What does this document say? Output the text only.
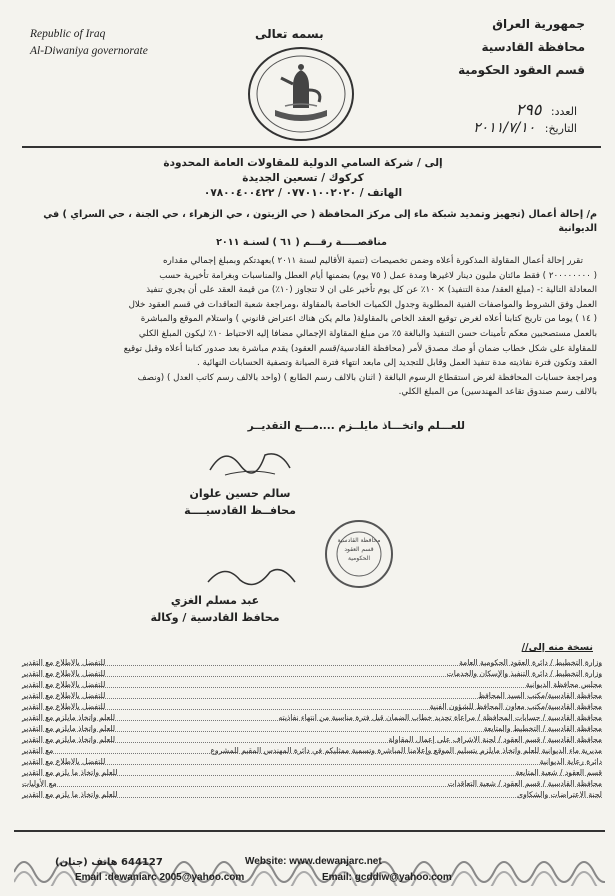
Republic of Iraq
Al-Diwaniya governorate
بسمه تعالى
جمهورية العراق
محافظة القادسية
قسم العقود الحكومية
العدد: ٢٩٥
التاريخ: ٢٠١١/٧/١٠
إلى / شركة السامي الدولية للمقاولات العامة المحدودة
كركوك / تسعين الجديدة
الهاتف / ٠٧٧٠١٠٠٢٠٢٠ / ٠٧٨٠٠٤٠٠٤٢٢
م/ إحالة أعمال (تجهيز وتمديد شبكة ماء إلى مركز المحافظة ( حي الزيتون ، حي الزهراء ، حي الجنة ، حي السراي ) في الديوانية
مناقصـــــة رقـــم ( ٦١ ) لسنـة ٢٠١١

تقرر إحالة أعمال المقاولة المذكورة أعلاه وضمن تخصيصات (تنمية الأقاليم لسنة ٢٠١١ )بعهدتكم وبمبلغ إجمالي مقداره

( ٢٠٠٠٠٠٠٠٠ ) فقط مائتان مليون دينار لاغيرها ومدة عمل ( ٧٥ يوم) بضمنها أيام العطل والمناسبات وبغرامة تأخيرية حسب

المعادلة التالية :- (مبلغ العقد/ مدة التنفيذ) × ١٠٪ عن كل يوم تأخير على ان لا تتجاوز (١٠٪) من قيمة العقد على أن يجري تنفيذ

العمل وفق الشروط والمواصفات الفنية المطلوبة وجدول الكميات الخاصة بالمقاولة ،ومراجعة شعبة التعاقدات في قسم العقود خلال

( ١٤ ) يوما من تاريخ كتابنا أعلاه لغرض توقيع العقد الخاص بالمقاولة( مالم يكن هناك اعتراض قانوني ) واستلام الموقع والمباشرة

بالعمل مستصحبين معكم تأمينات حسن التنفيذ والبالغة ٥٪ من مبلغ المقاولة الإجمالي مضافا إليه الاحتياط ١٠٪ ليكون المبلغ الكلي

للمقاولة على شكل خطاب ضمان أو صك مصدق لأمر (محافظة القادسية/قسم العقود) يقدم مباشرة بعد صدور كتابنا أعلاه وقبل توقيع

العقد وتكون فترة نفاذيته مدة تنفيذ العمل وقابل للتجديد إلى مابعد انتهاء فترة الصيانة وتصفية الحسابات النهائية .

ومراجعة حسابات المحافظة لغرض استقطاع الرسوم البالغة ( اثنان بالالف رسم الطابع ) (واحد بالالف رسم كاتب العدل ) (ونصف

بالالف رسم صندوق تقاعد المهندسين) من المبلغ الكلي.

للعـــلم واتخـــاذ مايلــزم ....مـــع التقديــر
سالم حسين علوان
محافــظ القادسيــــة
محافظة القادسية
قسم العقود
الحكومية
عبد مسلم الغزي
محافظ القادسية / وكالة
نسخة منه إلى//
وزارة التخطيط / دائرة العقود الحكومية العامة
للتفضل بالاطلاع مع التقدير
وزارة التخطيط / دائرة التنفيذ والإسكان والخدمات
للتفضل بالاطلاع مع التقدير
مجلس محافظة الديوانية
للتفضل بالاطلاع مع التقدير
محافظة القادسية/مكتب السيد المحافظ
للتفضل بالاطلاع مع التقدير
محافظة القادسية/مكتب معاون المحافظ للشؤون الفنية
للتفضل بالاطلاع مع التقدير
محافظة القادسية / حسابات المحافظة / مراعاة تجديد خطاب الضمان قبل فترة مناسبة من انتهاء نفاذيته
للعلم واتخاذ مايلزم مع التقدير
محافظة القادسية / التخطيط والمتابعة
للعلم واتخاذ مايلزم مع التقدير
محافظة القادسية / قسم العقود / لجنة الاشراف على إعمال المقاولة
للعلم واتخاذ مايلزم مع التقدير
مديرية ماء الديوانية للعلم واتخاذ مايلزم بتسليم الموقع وإعلامنا المباشرة وتسمية ممثليكم في دائرة المهندس المقيم للمشروع
مع التقدير
دائرة رعاية الديوانية
للتفضل بالاطلاع مع التقدير
قسم العقود / شعبة المتابعة
للعلم واتخاذ ما يلزم مع التقدير
محافظة القادسية / قسم العقود / شعبة التعاقدات
مع الأوليات
لجنة الاعتراضات والشكاوى
للعلم واتخاذ ما يلزم مع التقدير
644127 هاتف (جنان)	Website: www.dewanjarc.net
Email :dewaniarc 2005@yahoo.com	Email: gcddiw@yahoo.com
